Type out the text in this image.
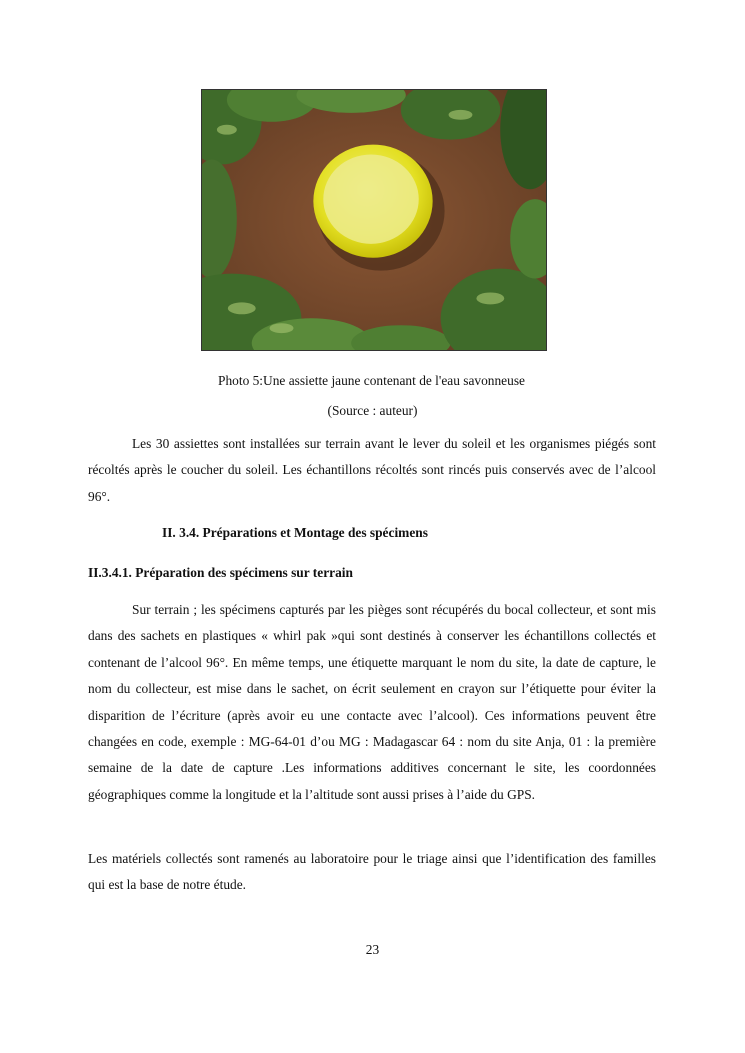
Photo 5:Une assiette jaune contenant de l'eau savonneuse
(Source : auteur)

Les 30 assiettes sont installées sur terrain avant le lever du soleil et les organismes piégés sont récoltés après le coucher du soleil. Les échantillons récoltés sont rincés puis conservés avec de l’alcool 96°.

II. 3.4. Préparations et Montage des spécimens
II.3.4.1. Préparation des spécimens sur terrain

Sur terrain ; les spécimens capturés par les pièges sont récupérés du bocal collecteur, et sont mis dans des sachets en plastiques « whirl pak »qui sont destinés à conserver les échantillons collectés et contenant de l’alcool 96°. En même temps, une étiquette marquant le nom du site, la date de capture, le nom du collecteur, est mise dans le sachet, on écrit seulement en crayon sur l’étiquette pour éviter la disparition de l’écriture (après avoir eu une contacte avec l’alcool). Ces informations peuvent être changées en code, exemple : MG-64-01 d’ou MG : Madagascar 64 : nom du site Anja, 01 : la première semaine de la date de capture .Les informations additives concernant le site, les coordonnées géographiques comme la longitude et la l’altitude sont aussi prises à l’aide du GPS.

Les matériels collectés sont ramenés au laboratoire pour le triage ainsi que l’identification des familles qui est la base de notre étude.

23
